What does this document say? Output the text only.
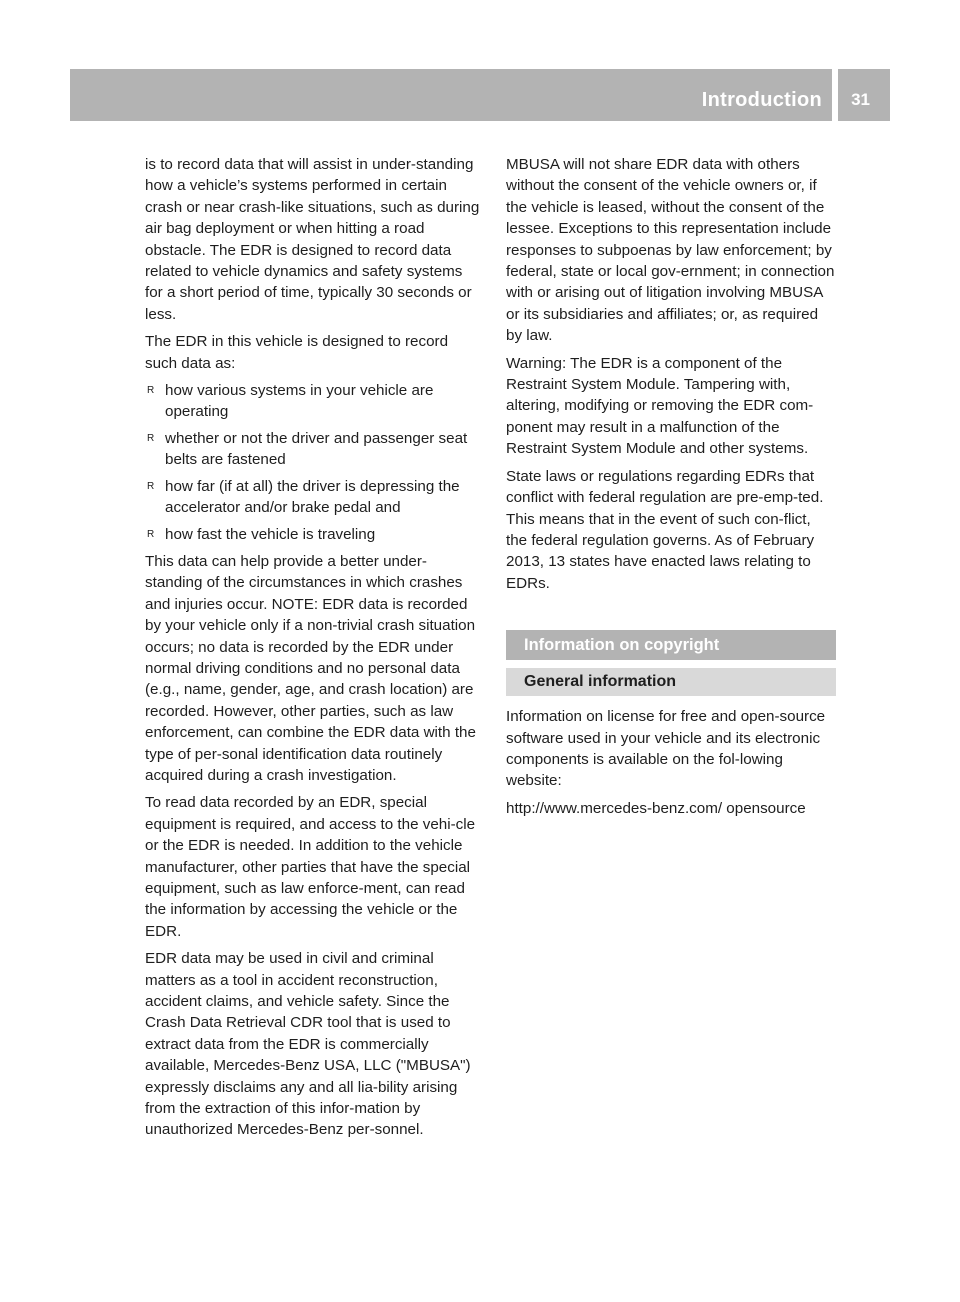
Introduction 31

is to record data that will assist in under-standing how a vehicle’s systems performed in certain crash or near crash-like situations, such as during air bag deployment or when hitting a road obstacle. The EDR is designed to record data related to vehicle dynamics and safety systems for a short period of time, typically 30 seconds or less.

The EDR in this vehicle is designed to record such data as:

R how various systems in your vehicle are operating
R whether or not the driver and passenger seat belts are fastened
R how far (if at all) the driver is depressing the accelerator and/or brake pedal and
R how fast the vehicle is traveling

This data can help provide a better under-standing of the circumstances in which crashes and injuries occur. NOTE: EDR data is recorded by your vehicle only if a non-trivial crash situation occurs; no data is recorded by the EDR under normal driving conditions and no personal data (e.g., name, gender, age, and crash location) are recorded. However, other parties, such as law enforcement, can combine the EDR data with the type of per-sonal identification data routinely acquired during a crash investigation.

To read data recorded by an EDR, special equipment is required, and access to the vehi-cle or the EDR is needed. In addition to the vehicle manufacturer, other parties that have the special equipment, such as law enforce-ment, can read the information by accessing the vehicle or the EDR.

EDR data may be used in civil and criminal matters as a tool in accident reconstruction, accident claims, and vehicle safety. Since the Crash Data Retrieval CDR tool that is used to extract data from the EDR is commercially available, Mercedes-Benz USA, LLC ("MBUSA") expressly disclaims any and all lia-bility arising from the extraction of this infor-mation by unauthorized Mercedes-Benz per-sonnel.

MBUSA will not share EDR data with others without the consent of the vehicle owners or, if the vehicle is leased, without the consent of the lessee. Exceptions to this representation include responses to subpoenas by law enforcement; by federal, state or local gov-ernment; in connection with or arising out of litigation involving MBUSA or its subsidiaries and affiliates; or, as required by law.

Warning: The EDR is a component of the Restraint System Module. Tampering with, altering, modifying or removing the EDR com-ponent may result in a malfunction of the Restraint System Module and other systems.

State laws or regulations regarding EDRs that conflict with federal regulation are pre-emp-ted. This means that in the event of such con-flict, the federal regulation governs. As of February 2013, 13 states have enacted laws relating to EDRs.

Information on copyright
General information

Information on license for free and open-source software used in your vehicle and its electronic components is available on the fol-lowing website:

http://www.mercedes-benz.com/ opensource
